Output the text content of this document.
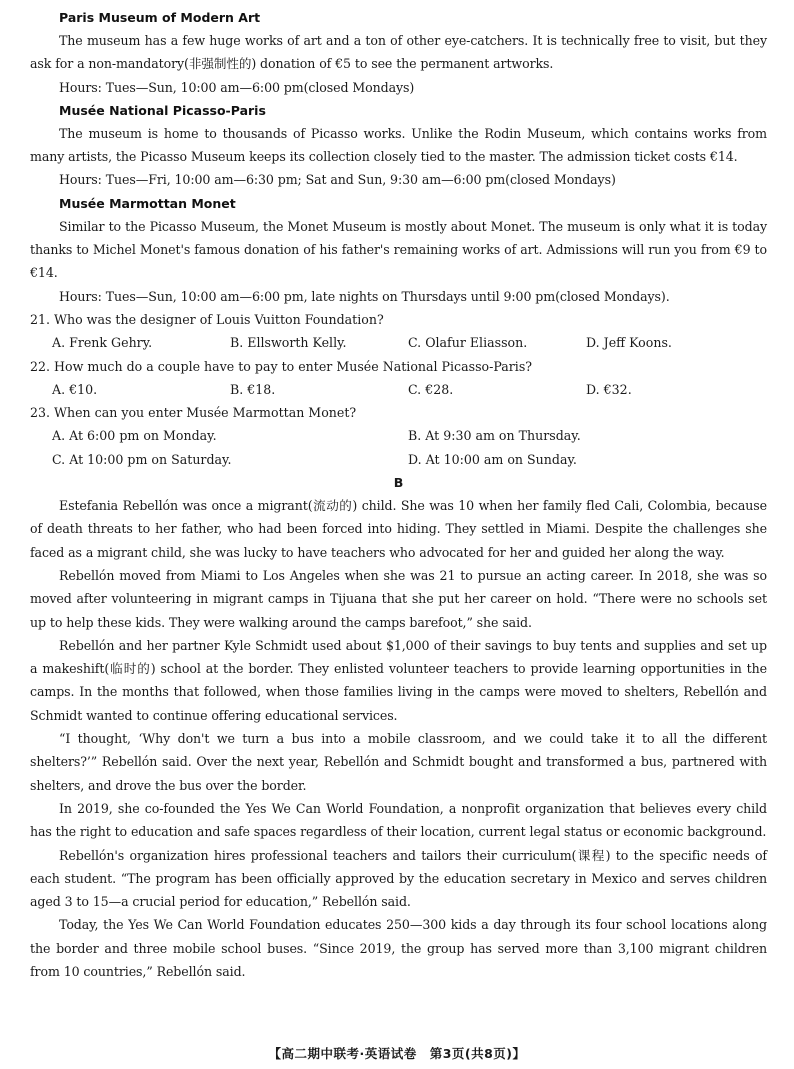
Paris Museum of Modern Art

The museum has a few huge works of art and a ton of other eye-catchers. It is technically free to visit, but they ask for a non-mandatory(非强制性的) donation of €5 to see the permanent artworks.

Hours: Tues—Sun, 10:00 am—6:00 pm(closed Mondays)

Musée National Picasso-Paris

The museum is home to thousands of Picasso works. Unlike the Rodin Museum, which contains works from many artists, the Picasso Museum keeps its collection closely tied to the master. The admission ticket costs €14.

Hours: Tues—Fri, 10:00 am—6:30 pm; Sat and Sun, 9:30 am—6:00 pm(closed Mondays)

Musée Marmottan Monet

Similar to the Picasso Museum, the Monet Museum is mostly about Monet. The museum is only what it is today thanks to Michel Monet's famous donation of his father's remaining works of art. Admissions will run you from €9 to €14.

Hours: Tues—Sun, 10:00 am—6:00 pm, late nights on Thursdays until 9:00 pm(closed Mondays).

21. Who was the designer of Louis Vuitton Foundation?

A. Frenk Gehry.	B. Ellsworth Kelly.	C. Olafur Eliasson.	D. Jeff Koons.

22. How much do a couple have to pay to enter Musée National Picasso-Paris?

A. €10.	B. €18.	C. €28.	D. €32.

23. When can you enter Musée Marmottan Monet?

A. At 6:00 pm on Monday.	B. At 9:30 am on Thursday.
C. At 10:00 pm on Saturday.	D. At 10:00 am on Sunday.

B

Estefania Rebellón was once a migrant(流动的) child. She was 10 when her family fled Cali, Colombia, because of death threats to her father, who had been forced into hiding. They settled in Miami. Despite the challenges she faced as a migrant child, she was lucky to have teachers who advocated for her and guided her along the way.

Rebellón moved from Miami to Los Angeles when she was 21 to pursue an acting career. In 2018, she was so moved after volunteering in migrant camps in Tijuana that she put her career on hold. “There were no schools set up to help these kids. They were walking around the camps barefoot,” she said.

Rebellón and her partner Kyle Schmidt used about $1,000 of their savings to buy tents and supplies and set up a makeshift(临时的) school at the border. They enlisted volunteer teachers to provide learning opportunities in the camps. In the months that followed, when those families living in the camps were moved to shelters, Rebellón and Schmidt wanted to continue offering educational services.

“I thought, ‘Why don't we turn a bus into a mobile classroom, and we could take it to all the different shelters?’” Rebellón said. Over the next year, Rebellón and Schmidt bought and transformed a bus, partnered with shelters, and drove the bus over the border.

In 2019, she co-founded the Yes We Can World Foundation, a nonprofit organization that believes every child has the right to education and safe spaces regardless of their location, current legal status or economic background.

Rebellón's organization hires professional teachers and tailors their curriculum(课程) to the specific needs of each student. “The program has been officially approved by the education secretary in Mexico and serves children aged 3 to 15—a crucial period for education,” Rebellón said.

Today, the Yes We Can World Foundation educates 250—300 kids a day through its four school locations along the border and three mobile school buses. “Since 2019, the group has served more than 3,100 migrant children from 10 countries,” Rebellón said.

【高二期中联考·英语试卷　第3页(共8页)】
